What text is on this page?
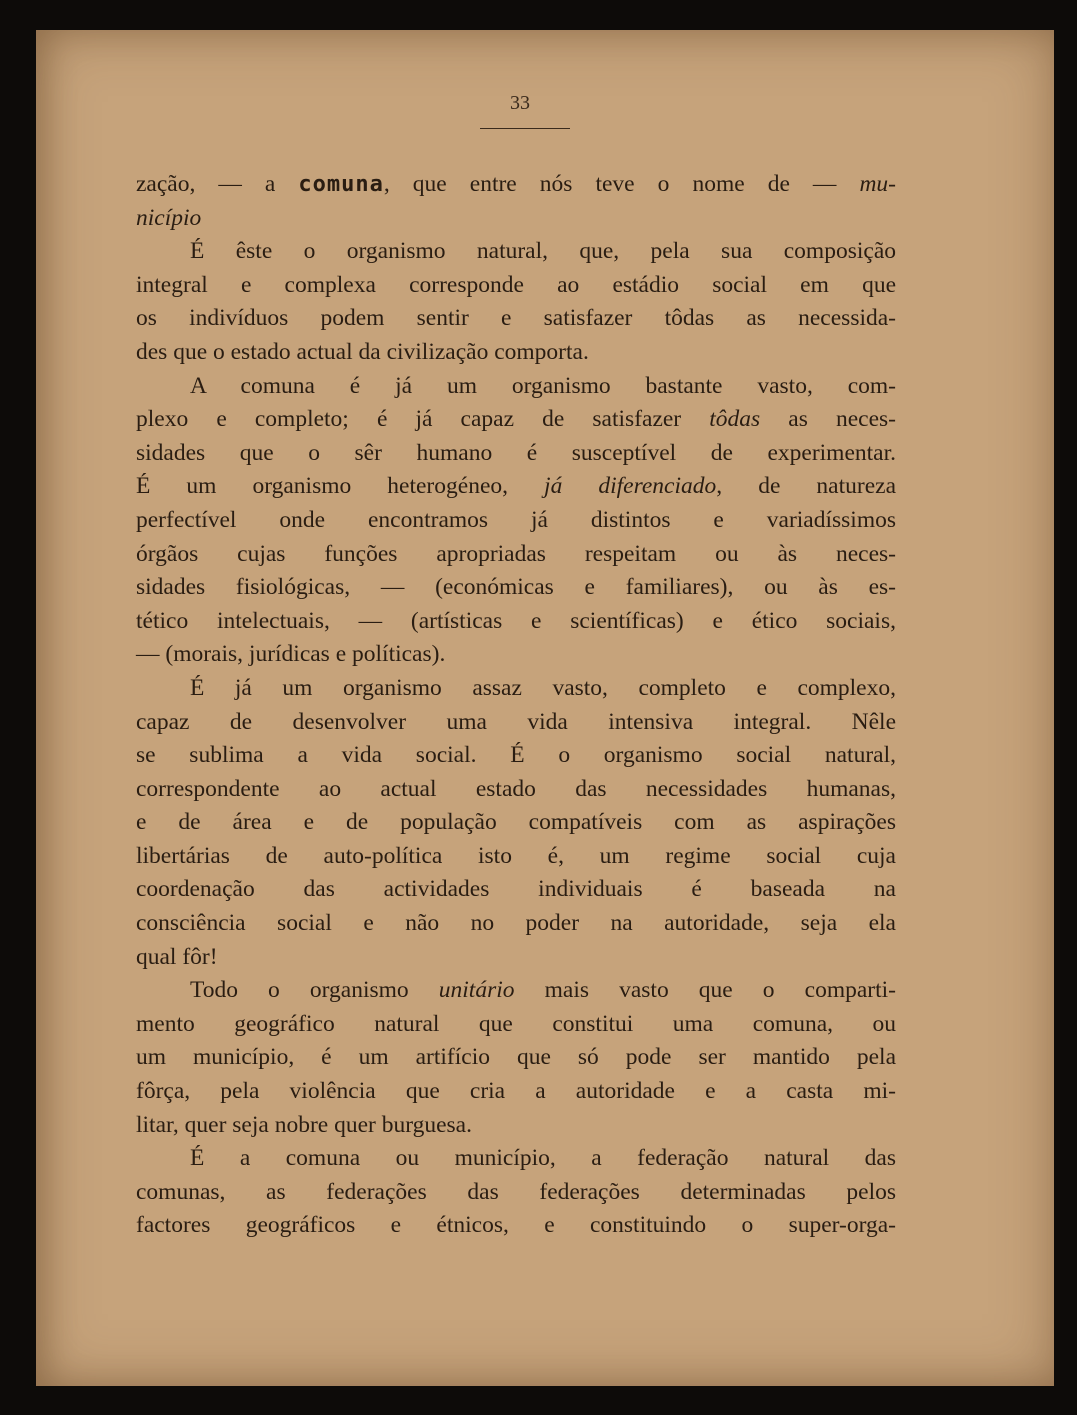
33
zação, — a comuna, que entre nós teve o nome de — mu-
nicípio
É êste o organismo natural, que, pela sua composição
integral e complexa corresponde ao estádio social em que
os indivíduos podem sentir e satisfazer tôdas as necessida-
des que o estado actual da civilização comporta.
A comuna é já um organismo bastante vasto, com-
plexo e completo; é já capaz de satisfazer tôdas as neces-
sidades que o sêr humano é susceptível de experimentar.
É um organismo heterogéneo, já diferenciado, de natureza
perfectível onde encontramos já distintos e variadíssimos
órgãos cujas funções apropriadas respeitam ou às neces-
sidades fisiológicas, — (económicas e familiares), ou às es-
tético intelectuais, — (artísticas e scientíficas) e ético sociais,
— (morais, jurídicas e políticas).
É já um organismo assaz vasto, completo e complexo,
capaz de desenvolver uma vida intensiva integral. Nêle
se sublima a vida social. É o organismo social natural,
correspondente ao actual estado das necessidades humanas,
e de área e de população compatíveis com as aspirações
libertárias de auto-política isto é, um regime social cuja
coordenação das actividades individuais é baseada na
consciência social e não no poder na autoridade, seja ela
qual fôr!
Todo o organismo unitário mais vasto que o comparti-
mento geográfico natural que constitui uma comuna, ou
um município, é um artifício que só pode ser mantido pela
fôrça, pela violência que cria a autoridade e a casta mi-
litar, quer seja nobre quer burguesa.
É a comuna ou município, a federação natural das
comunas, as federações das federações determinadas pelos
factores geográficos e étnicos, e constituindo o super-orga-
